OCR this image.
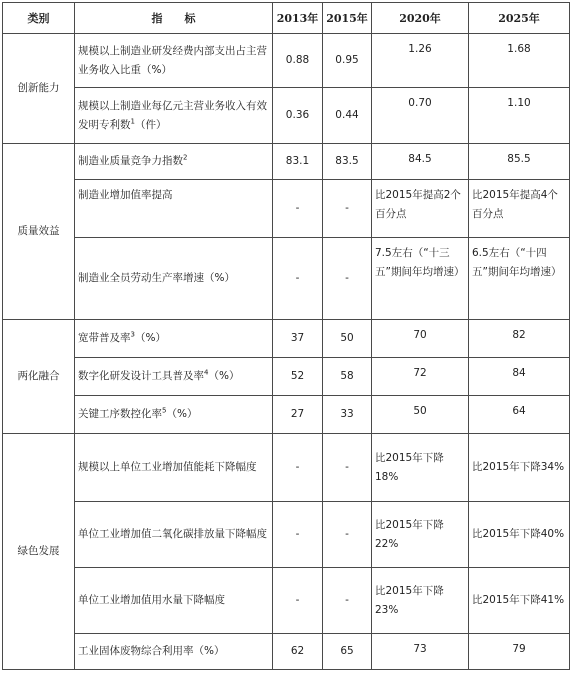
类别	指　　标	2013年	2015年	2020年	2025年
创新能力	规模以上制造业研发经费内部支出占主营业务收入比重（%）	0.88	0.95	1.26	1.68
	规模以上制造业每亿元主营业务收入有效发明专利数$^1$（件）	0.36	0.44	0.70	1.10
质量效益	制造业质量竞争力指数$^2$	83.1	83.5	84.5	85.5
	制造业增加值率提高	-	-	比2015年提高2个百分点	比2015年提高4个百分点
	制造业全员劳动生产率增速（%）	-	-	7.5左右（“十三五”期间年均增速）	6.5左右（“十四五”期间年均增速）
两化融合	宽带普及率$^3$（%）	37	50	70	82
	数字化研发设计工具普及率$^4$（%）	52	58	72	84
	关键工序数控化率$^5$（%）	27	33	50	64
绿色发展	规模以上单位工业增加值能耗下降幅度	-	-	比2015年下降18%	比2015年下降34%
	单位工业增加值二氧化碳排放量下降幅度	-	-	比2015年下降22%	比2015年下降40%
	单位工业增加值用水量下降幅度	-	-	比2015年下降23%	比2015年下降41%
	工业固体废物综合利用率（%）	62	65	73	79
